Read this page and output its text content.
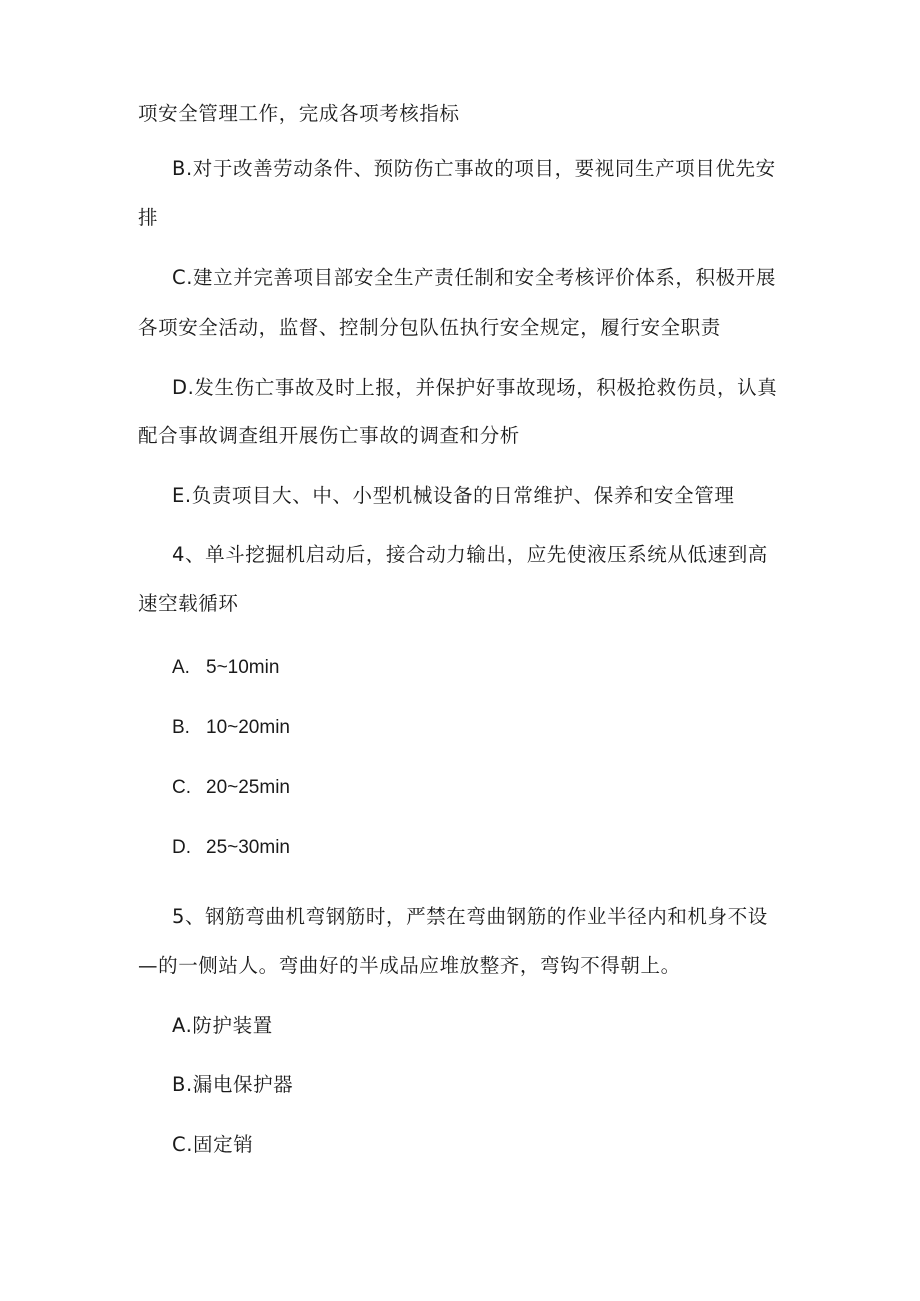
项安全管理工作，完成各项考核指标
B.对于改善劳动条件、预防伤亡事故的项目，要视同生产项目优先安
排
C.建立并完善项目部安全生产责任制和安全考核评价体系，积极开展
各项安全活动，监督、控制分包队伍执行安全规定，履行安全职责
D.发生伤亡事故及时上报，并保护好事故现场，积极抢救伤员，认真
配合事故调查组开展伤亡事故的调查和分析
E.负责项目大、中、小型机械设备的日常维护、保养和安全管理
4、单斗挖掘机启动后，接合动力输出，应先使液压系统从低速到高
速空载循环
A. 5~10min
B. 10~20min
C. 20~25min
D. 25~30min
5、钢筋弯曲机弯钢筋时，严禁在弯曲钢筋的作业半径内和机身不设
—的一侧站人。弯曲好的半成品应堆放整齐，弯钩不得朝上。
A.防护装置
B.漏电保护器
C.固定销
